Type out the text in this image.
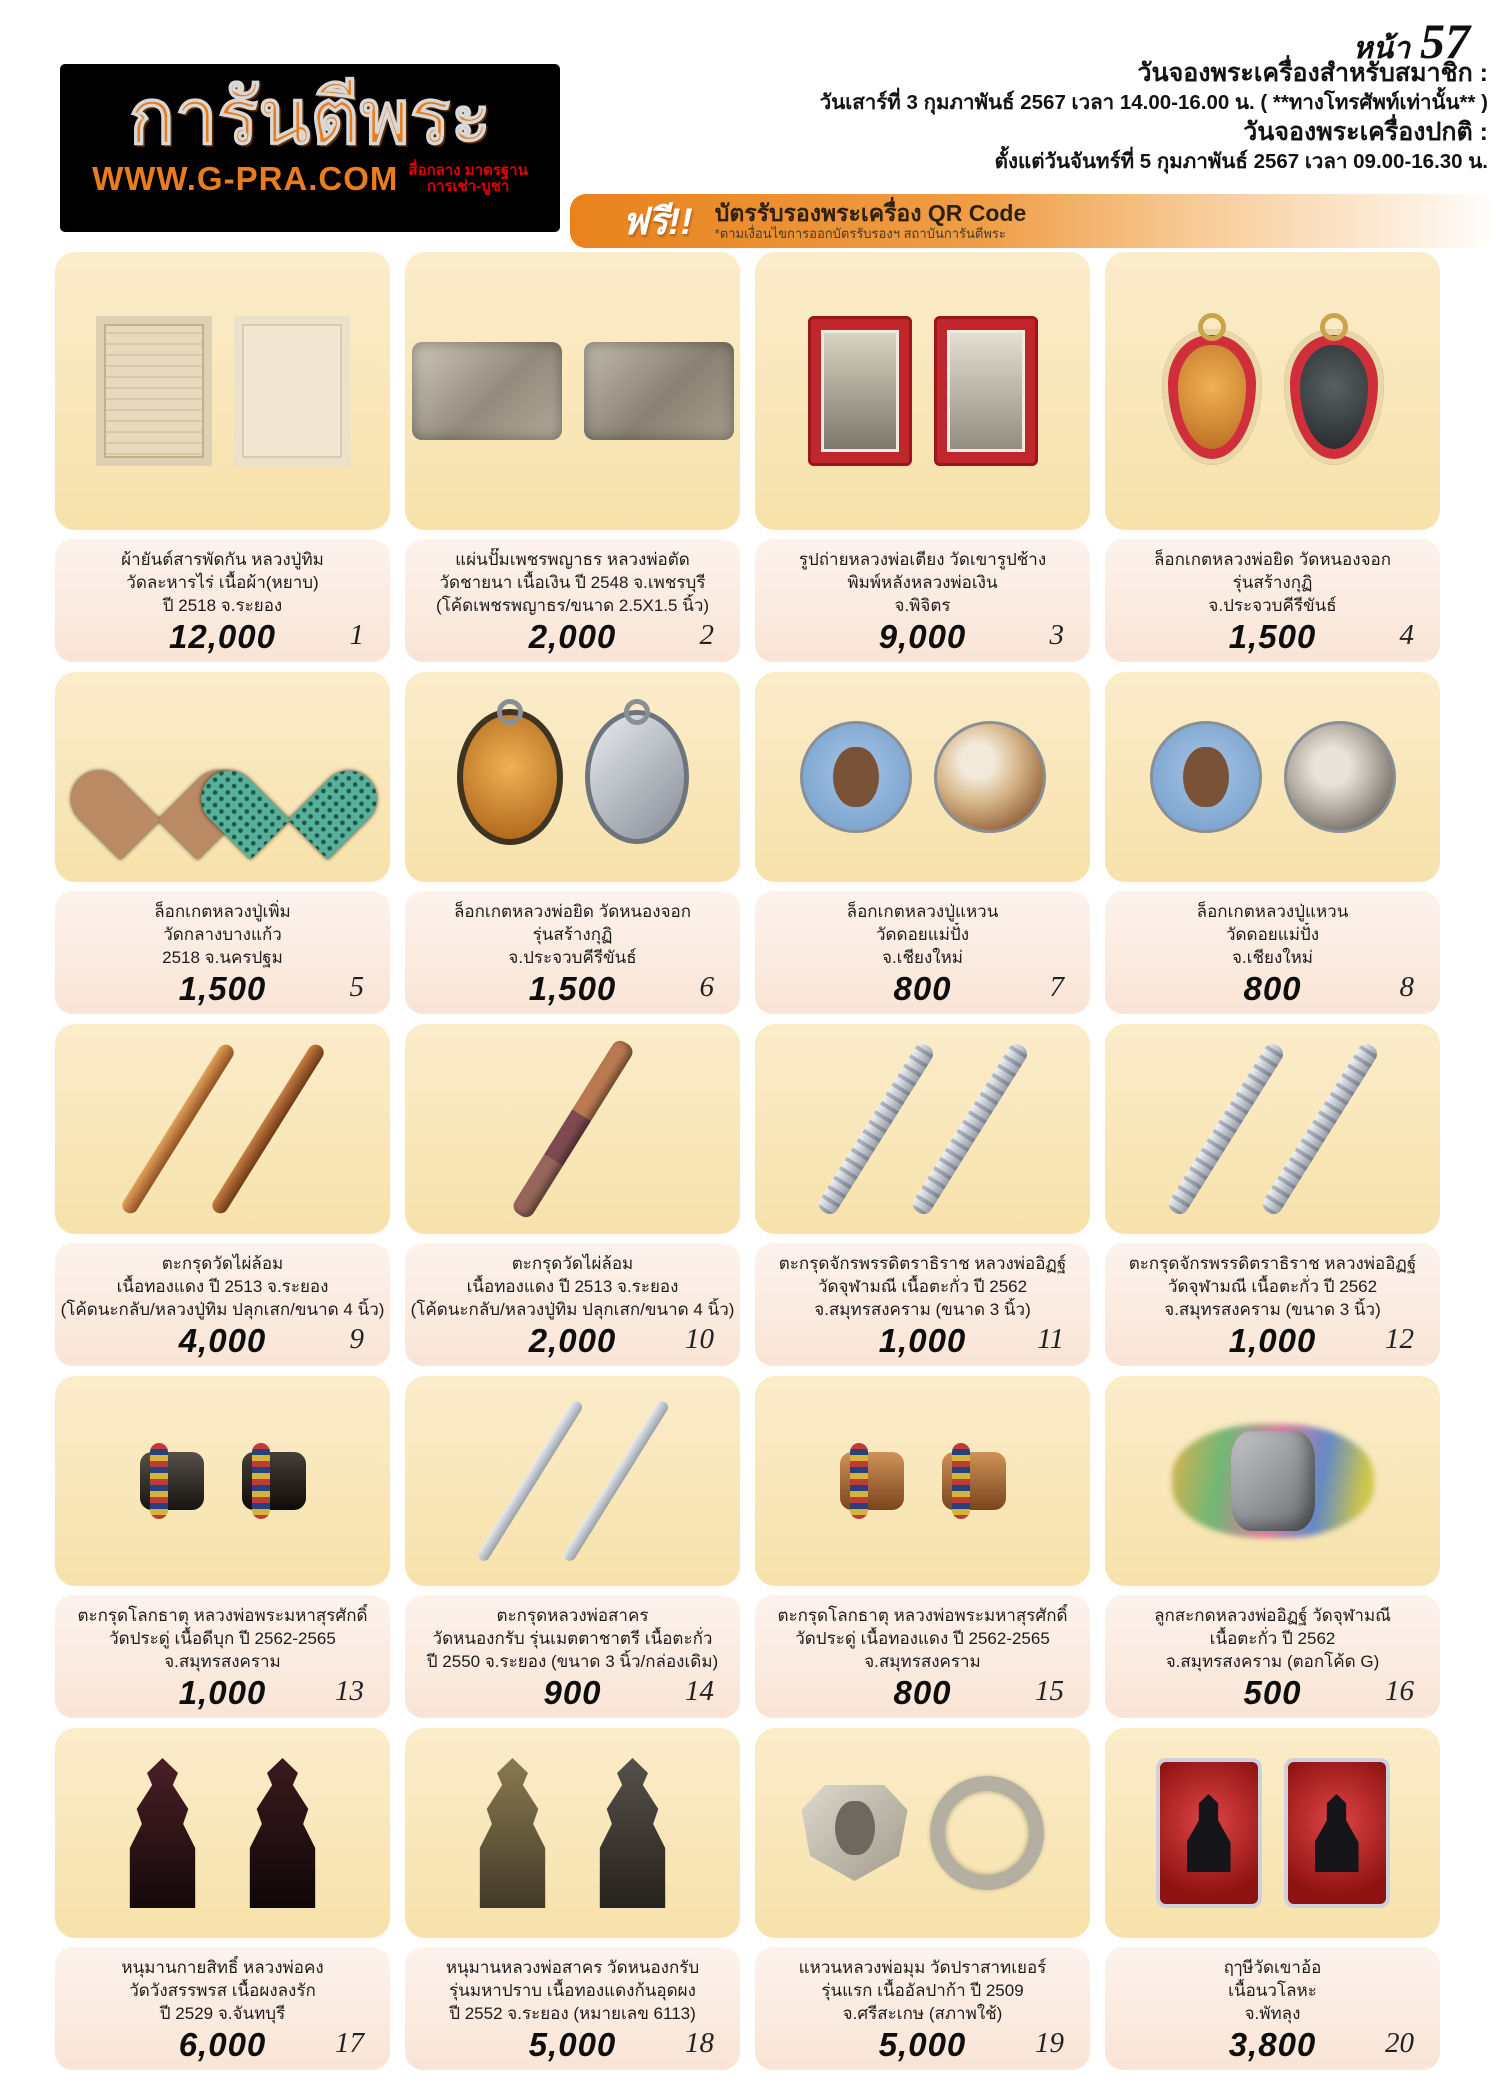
หน้า 57
การันตีพระ
WWW.G-PRA.COM สื่อกลาง มาตรฐาน
การเช่า-บูชา
วันจองพระเครื่องสำหรับสมาชิก :
วันเสาร์ที่ 3 กุมภาพันธ์ 2567 เวลา 14.00-16.00 น. ( **ทางโทรศัพท์เท่านั้น** )
วันจองพระเครื่องปกติ :
ตั้งแต่วันจันทร์ที่ 5 กุมภาพันธ์ 2567 เวลา 09.00-16.30 น.
ฟรี!! บัตรรับรองพระเครื่อง QR Code
*ตามเงื่อนไขการออกบัตรรับรองฯ สถาบันการันตีพระ
ผ้ายันต์สารพัดกัน หลวงปู่ทิม
วัดละหารไร่ เนื้อผ้า(หยาบ)
ปี 2518 จ.ระยอง
12,000	1
แผ่นปั๊มเพชรพญาธร หลวงพ่อตัด
วัดชายนา เนื้อเงิน ปี 2548 จ.เพชรบุรี
(โค้ดเพชรพญาธร/ขนาด 2.5X1.5 นิ้ว)
2,000	2
รูปถ่ายหลวงพ่อเตียง วัดเขารูปช้าง
พิมพ์หลังหลวงพ่อเงิน
จ.พิจิตร
9,000	3
ล็อกเกตหลวงพ่อยิด วัดหนองจอก
รุ่นสร้างกุฏิ
จ.ประจวบคีรีขันธ์
1,500	4
ล็อกเกตหลวงปู่เพิ่ม
วัดกลางบางแก้ว
2518 จ.นครปฐม
1,500	5
ล็อกเกตหลวงพ่อยิด วัดหนองจอก
รุ่นสร้างกุฏิ
จ.ประจวบคีรีขันธ์
1,500	6
ล็อกเกตหลวงปู่แหวน
วัดดอยแม่ปั๋ง
จ.เชียงใหม่
800	7
ล็อกเกตหลวงปู่แหวน
วัดดอยแม่ปั๋ง
จ.เชียงใหม่
800	8
ตะกรุดวัดไผ่ล้อม
เนื้อทองแดง ปี 2513 จ.ระยอง
(โค้ดนะกลับ/หลวงปู่ทิม ปลุกเสก/ขนาด 4 นิ้ว)
4,000	9
ตะกรุดวัดไผ่ล้อม
เนื้อทองแดง ปี 2513 จ.ระยอง
(โค้ดนะกลับ/หลวงปู่ทิม ปลุกเสก/ขนาด 4 นิ้ว)
2,000 10
ตะกรุดจักรพรรดิตราธิราช หลวงพ่ออิฏฐ์
วัดจุฬามณี เนื้อตะกั่ว ปี 2562
จ.สมุทรสงคราม (ขนาด 3 นิ้ว)
1,000 11
ตะกรุดจักรพรรดิตราธิราช หลวงพ่ออิฏฐ์
วัดจุฬามณี เนื้อตะกั่ว ปี 2562
จ.สมุทรสงคราม (ขนาด 3 นิ้ว)
1,000 12
ตะกรุดโลกธาตุ หลวงพ่อพระมหาสุรศักดิ์
วัดประดู่ เนื้อดีบุก ปี 2562-2565
จ.สมุทรสงคราม
1,000 13
ตะกรุดหลวงพ่อสาคร
วัดหนองกรับ รุ่นเมตตาชาตรี เนื้อตะกั่ว
ปี 2550 จ.ระยอง (ขนาด 3 นิ้ว/กล่องเดิม)
900	14
ตะกรุดโลกธาตุ หลวงพ่อพระมหาสุรศักดิ์
วัดประดู่ เนื้อทองแดง ปี 2562-2565
จ.สมุทรสงคราม
800	15
ลูกสะกดหลวงพ่ออิฏฐ์ วัดจุฬามณี
เนื้อตะกั่ว ปี 2562
จ.สมุทรสงคราม (ตอกโค้ด G)
500	16
หนุมานกายสิทธิ์ หลวงพ่อคง
วัดวังสรรพรส เนื้อผงลงรัก
ปี 2529 จ.จันทบุรี
6,000 17
หนุมานหลวงพ่อสาคร วัดหนองกรับ
รุ่นมหาปราบ เนื้อทองแดงก้นอุดผง
ปี 2552 จ.ระยอง (หมายเลข 6113)
5,000 18
แหวนหลวงพ่อมุม วัดปราสาทเยอร์
รุ่นแรก เนื้ออัลปาก้า ปี 2509
จ.ศรีสะเกษ (สภาพใช้)
5,000 19
ฤๅษีวัดเขาอ้อ
เนื้อนวโลหะ
จ.พัทลุง
3,800 20
